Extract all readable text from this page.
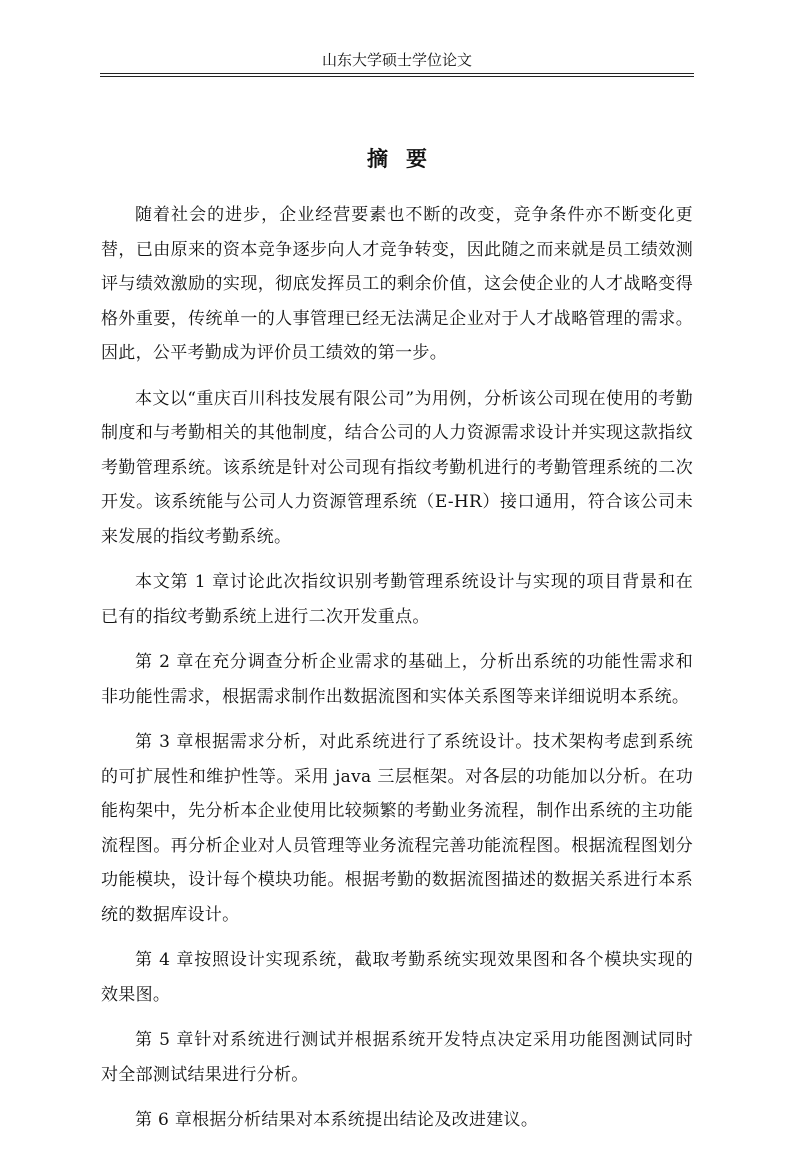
山东大学硕士学位论文
摘要

随着社会的进步，企业经营要素也不断的改变，竞争条件亦不断变化更替，已由原来的资本竞争逐步向人才竞争转变，因此随之而来就是员工绩效测评与绩效激励的实现，彻底发挥员工的剩余价值，这会使企业的人才战略变得格外重要，传统单一的人事管理已经无法满足企业对于人才战略管理的需求。因此，公平考勤成为评价员工绩效的第一步。

本文以“重庆百川科技发展有限公司”为用例，分析该公司现在使用的考勤制度和与考勤相关的其他制度，结合公司的人力资源需求设计并实现这款指纹考勤管理系统。该系统是针对公司现有指纹考勤机进行的考勤管理系统的二次开发。该系统能与公司人力资源管理系统（E-HR）接口通用，符合该公司未来发展的指纹考勤系统。

本文第 1 章讨论此次指纹识别考勤管理系统设计与实现的项目背景和在已有的指纹考勤系统上进行二次开发重点。

第 2 章在充分调查分析企业需求的基础上，分析出系统的功能性需求和非功能性需求，根据需求制作出数据流图和实体关系图等来详细说明本系统。

第 3 章根据需求分析，对此系统进行了系统设计。技术架构考虑到系统的可扩展性和维护性等。采用 java 三层框架。对各层的功能加以分析。在功能构架中，先分析本企业使用比较频繁的考勤业务流程，制作出系统的主功能流程图。再分析企业对人员管理等业务流程完善功能流程图。根据流程图划分功能模块，设计每个模块功能。根据考勤的数据流图描述的数据关系进行本系统的数据库设计。

第 4 章按照设计实现系统，截取考勤系统实现效果图和各个模块实现的效果图。

第 5 章针对系统进行测试并根据系统开发特点决定采用功能图测试同时对全部测试结果进行分析。

第 6 章根据分析结果对本系统提出结论及改进建议。
